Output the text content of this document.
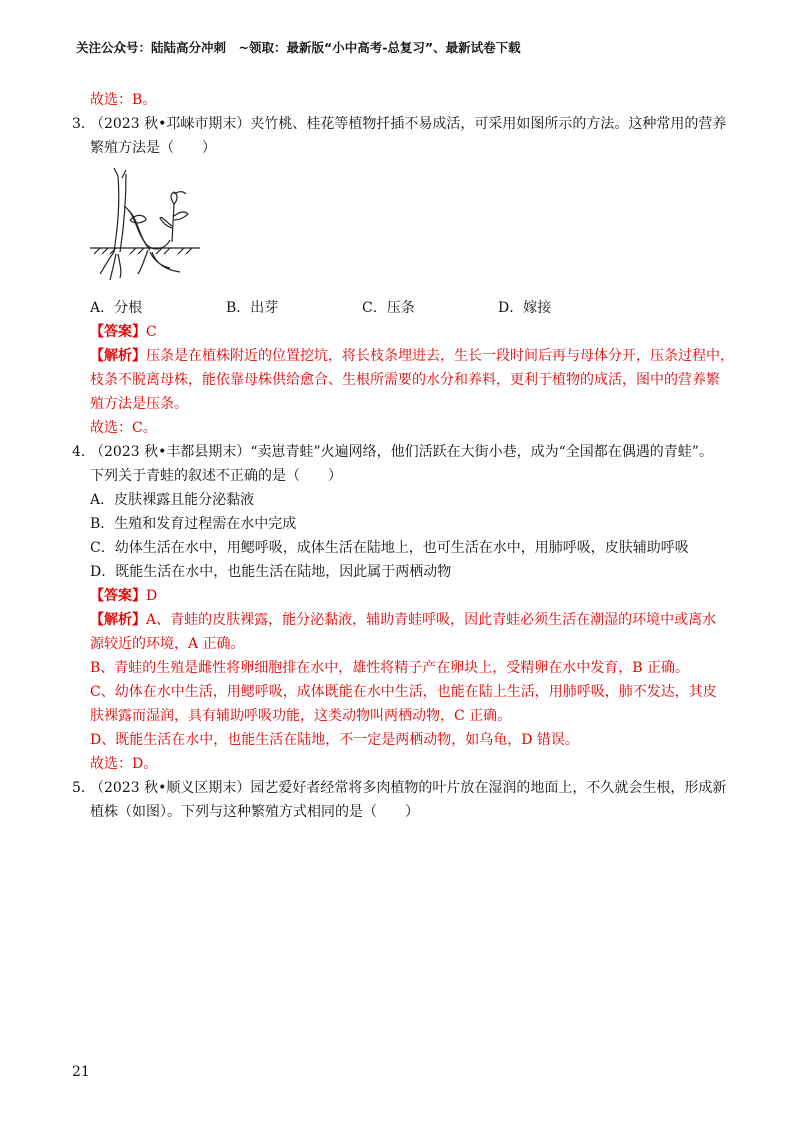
关注公众号：陆陆高分冲刺　~领取：最新版“小中高考-总复习”、最新试卷下载
故选：B。
3．
（2023 秋•邛崃市期末）夹竹桃、桂花等植物扦插不易成活，可采用如图所示的方法。这种常用的营养
繁殖方法是（　　）
A．分根	B．出芽	C．压条	D．嫁接
【答案】C
【解析】压条是在植株附近的位置挖坑，将长枝条埋进去，生长一段时间后再与母体分开，压条过程中，
枝条不脱离母株，能依靠母株供给愈合、生根所需要的水分和养料，更利于植物的成活，图中的营养繁
殖方法是压条。
故选：C。
4．
（2023 秋•丰都县期末）“卖崽青蛙”火遍网络，他们活跃在大街小巷，成为“全国都在偶遇的青蛙”。
下列关于青蛙的叙述不正确的是（　　）
A．皮肤裸露且能分泌黏液
B．生殖和发育过程需在水中完成
C．幼体生活在水中，用鳃呼吸，成体生活在陆地上，也可生活在水中，用肺呼吸，皮肤辅助呼吸
D．既能生活在水中，也能生活在陆地，因此属于两栖动物
【答案】D
【解析】A、青蛙的皮肤裸露，能分泌黏液，辅助青蛙呼吸，因此青蛙必须生活在潮湿的环境中或离水
源较近的环境，A 正确。
B、青蛙的生殖是雌性将卵细胞排在水中，雄性将精子产在卵块上，受精卵在水中发育，B 正确。
C、幼体在水中生活，用鳃呼吸，成体既能在水中生活，也能在陆上生活，用肺呼吸，肺不发达，其皮
肤裸露而湿润，具有辅助呼吸功能，这类动物叫两栖动物，C 正确。
D、既能生活在水中，也能生活在陆地，不一定是两栖动物，如乌龟，D 错误。
故选：D。
5．
（2023 秋•顺义区期末）园艺爱好者经常将多肉植物的叶片放在湿润的地面上，不久就会生根，形成新
植株（如图）。下列与这种繁殖方式相同的是（　　）
21
